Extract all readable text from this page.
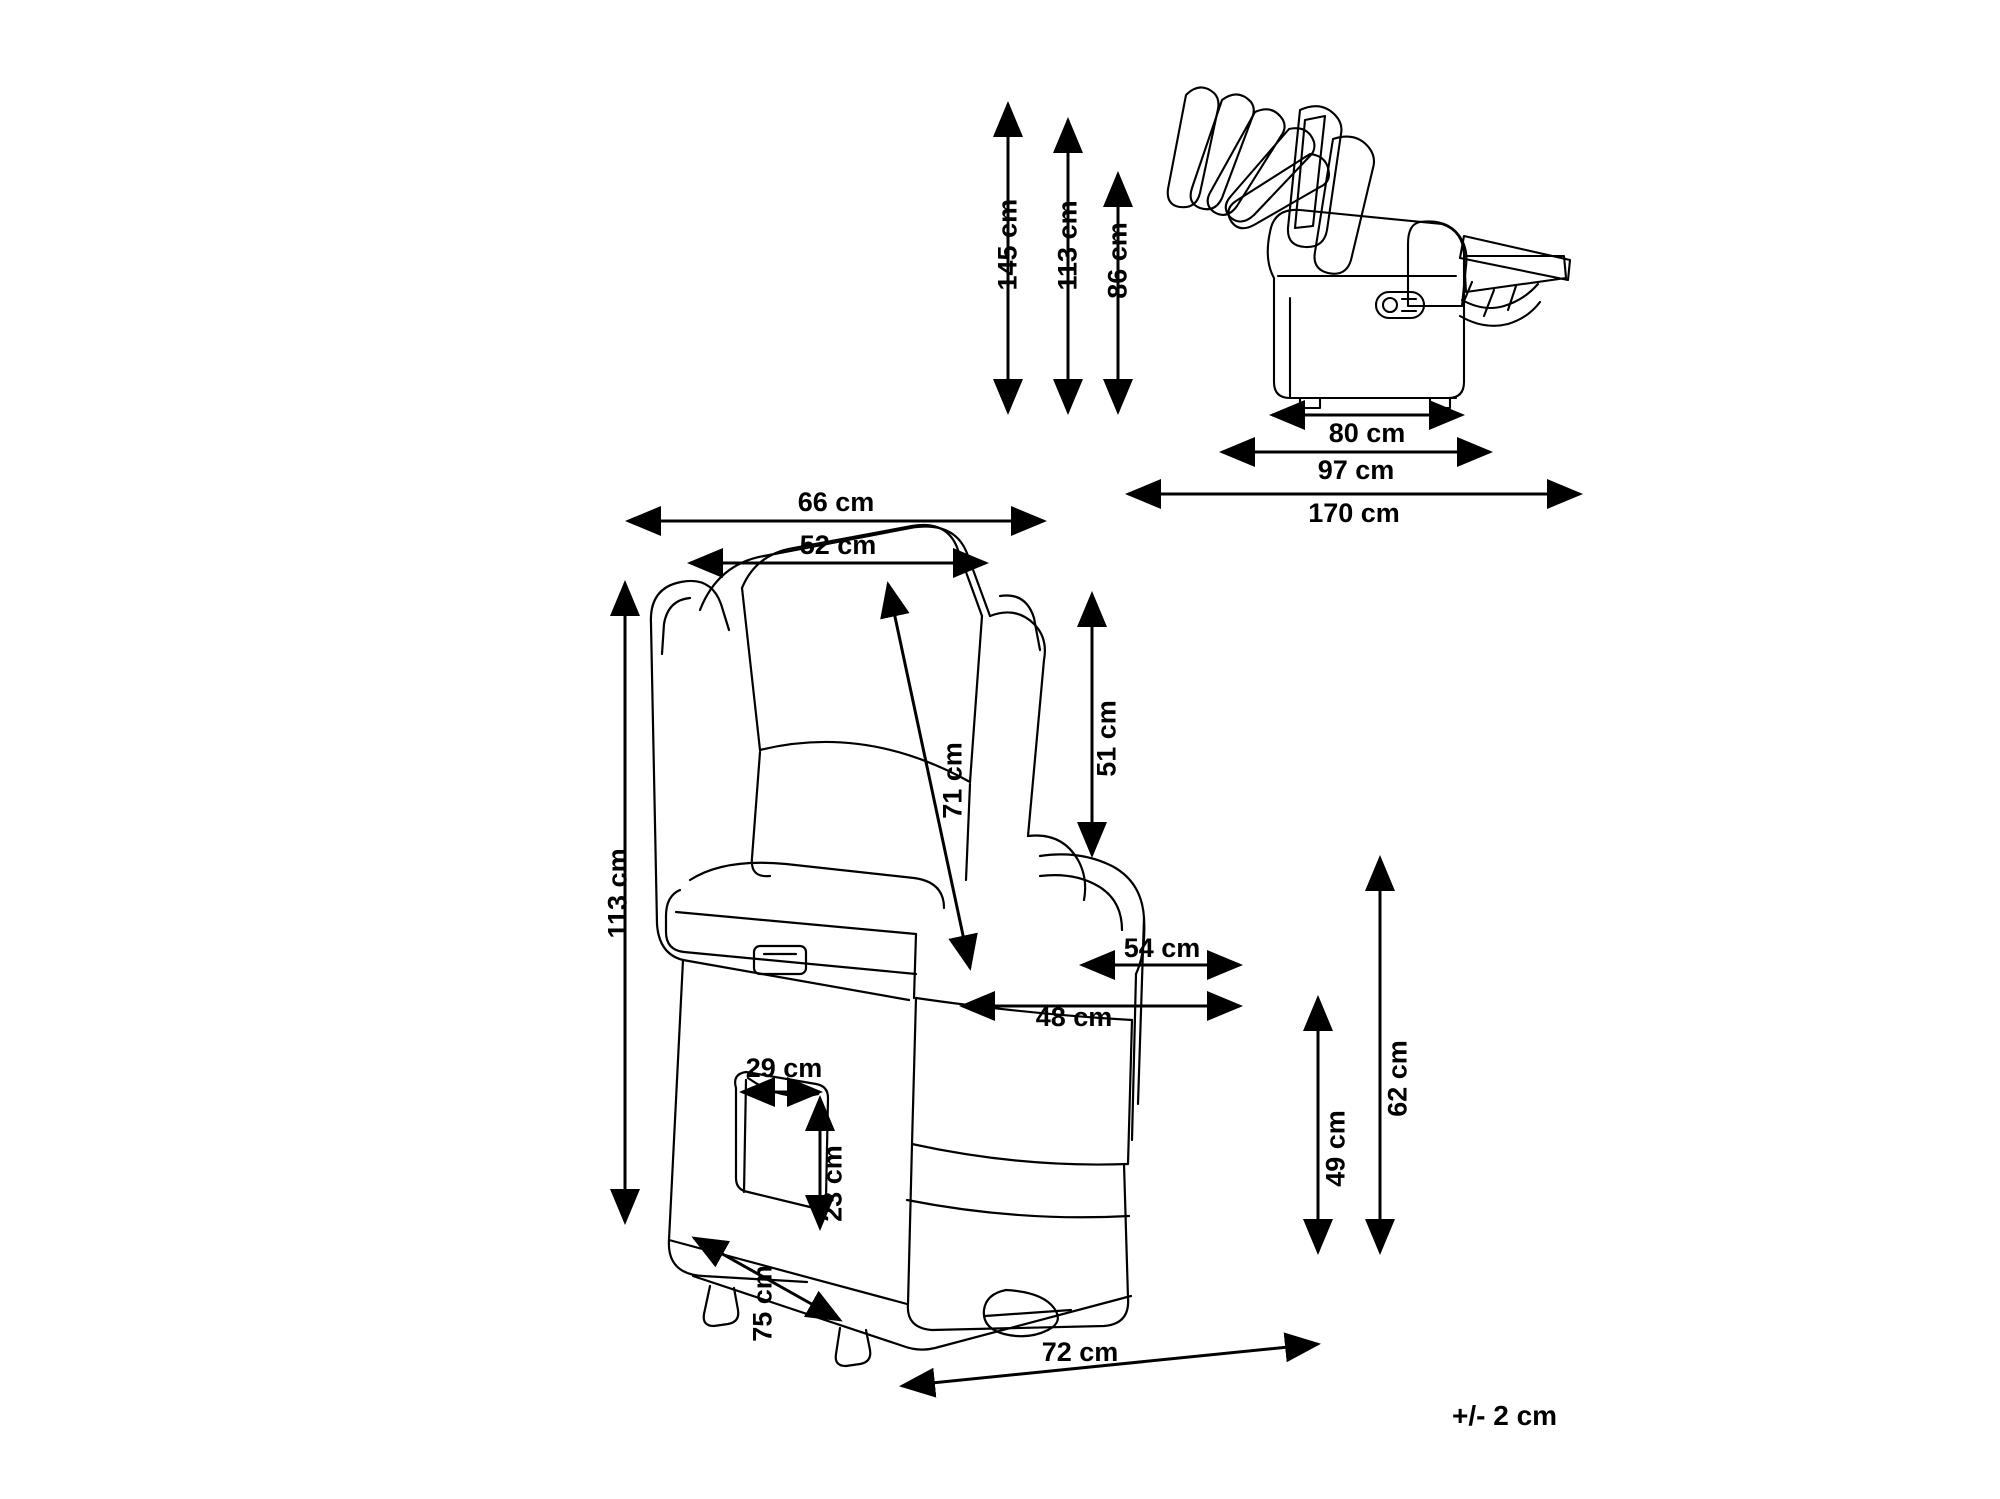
145 cm 113 cm 86 cm
80 cm
97 cm
170 cm
66 cm
52 cm
113 cm
51 cm
71 cm
54 cm
48 cm
29 cm
23 cm
62 cm
49 cm
75 cm
72 cm
+/- 2 cm
